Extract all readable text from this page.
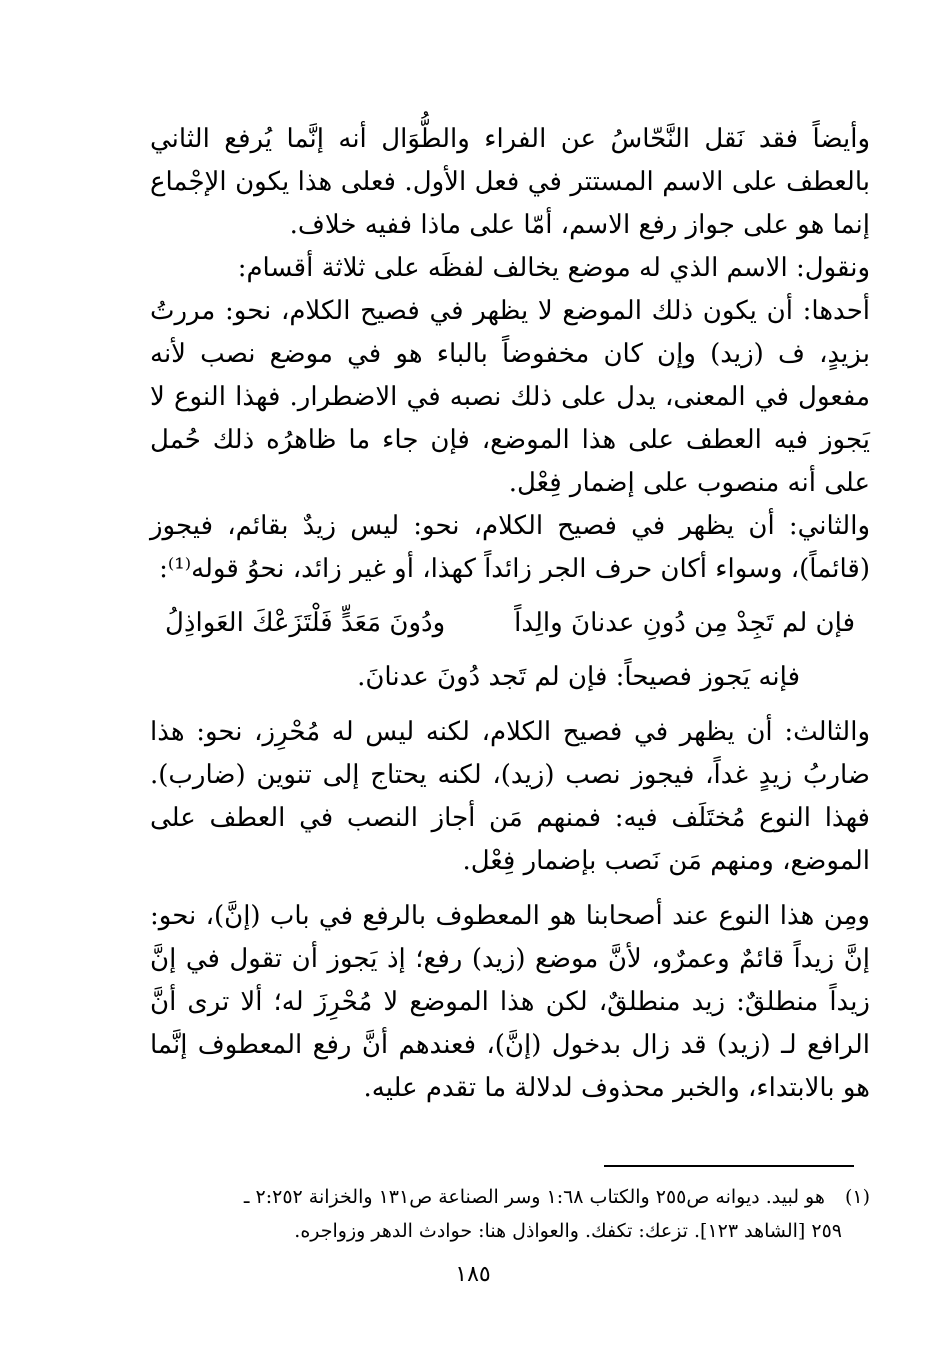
وأيضاً فقد نَقل النَّحّاسُ عن الفراء والطُّوَال أنه إنَّما يُرفع الثاني بالعطف على الاسم المستتر في فعل الأول. فعلى هذا يكون الإجْماع إنما هو على جواز رفع الاسم، أمّا على ماذا ففيه خلاف.

ونقول: الاسم الذي له موضع يخالف لفظَه على ثلاثة أقسام:

أحدها: أن يكون ذلك الموضع لا يظهر في فصيح الكلام، نحو: مررتُ بزيدٍ، ف (زيد) وإن كان مخفوضاً بالباء هو في موضع نصب لأنه مفعول في المعنى، يدل على ذلك نصبه في الاضطرار. فهذا النوع لا يَجوز فيه العطف على هذا الموضع، فإن جاء ما ظاهرُه ذلك حُمل على أنه منصوب على إضمار فِعْل.

والثاني: أن يظهر في فصيح الكلام، نحو: ليس زيدٌ بقائم، فيجوز (قائماً)، وسواء أكان حرف الجر زائداً كهذا، أو غير زائد، نحوُ قوله⁽¹⁾:

فإن لم تَجِدْ مِن دُونِ عدنانَ والِداً
ودُونَ مَعَدٍّ فَلْتَزَعْكَ العَواذِلُ
فإنه يَجوز فصيحاً: فإن لم تَجد دُونَ عدنانَ.

والثالث: أن يظهر في فصيح الكلام، لكنه ليس له مُحْرِز، نحو: هذا ضاربُ زيدٍ غداً، فيجوز نصب (زيد)، لكنه يحتاج إلى تنوين (ضارب). فهذا النوع مُختَلَف فيه: فمنهم مَن أجاز النصب في العطف على الموضع، ومنهم مَن نَصب بإضمار فِعْل.

ومِن هذا النوع عند أصحابنا هو المعطوف بالرفع في باب (إنَّ)، نحو: إنَّ زيداً قائمٌ وعمرٌو، لأنَّ موضع (زيد) رفع؛ إذ يَجوز أن تقول في إنَّ زيداً منطلقٌ: زيد منطلقٌ، لكن هذا الموضع لا مُحْرِزَ له؛ ألا ترى أنَّ الرافع لـ (زيد) قد زال بدخول (إنَّ)، فعندهم أنَّ رفع المعطوف إنَّما هو بالابتداء، والخبر محذوف لدلالة ما تقدم عليه.

(١) هو لبيد. ديوانه ص٢٥٥ والكتاب ١:٦٨ وسر الصناعة ص١٣١ والخزانة ٢:٢٥٢ ـ
٢٥٩ [الشاهد ١٢٣]. تزعك: تكفك. والعواذل هنا: حوادث الدهر وزواجره.
١٨٥
